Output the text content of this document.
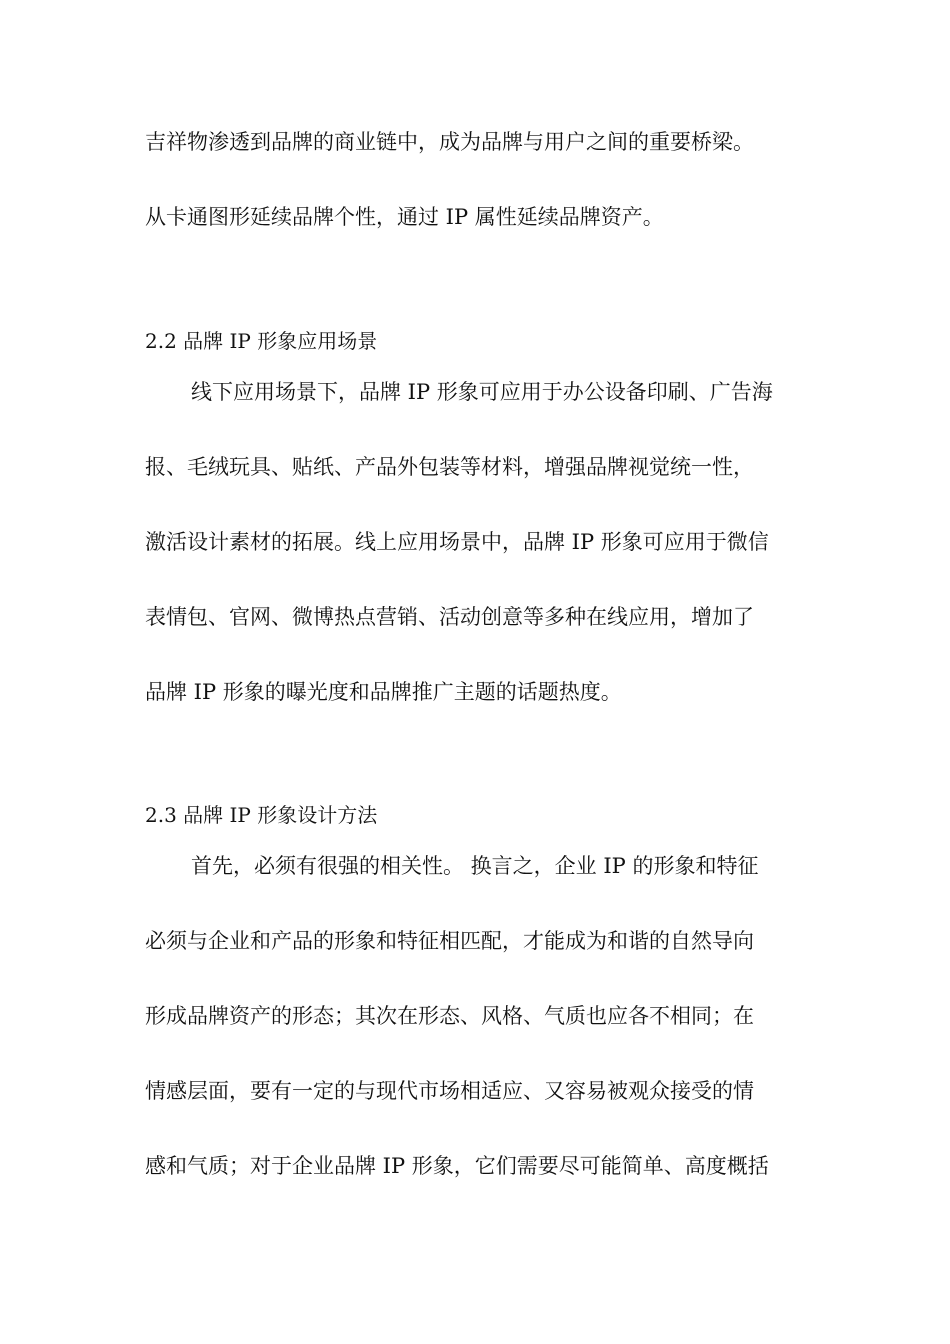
吉祥物渗透到品牌的商业链中，成为品牌与用户之间的重要桥梁。
从卡通图形延续品牌个性，通过 IP 属性延续品牌资产。
2.2 品牌 IP 形象应用场景
线下应用场景下，品牌 IP 形象可应用于办公设备印刷、广告海
报、毛绒玩具、贴纸、产品外包装等材料，增强品牌视觉统一性，
激活设计素材的拓展。线上应用场景中，品牌 IP 形象可应用于微信
表情包、官网、微博热点营销、活动创意等多种在线应用，增加了
品牌 IP 形象的曝光度和品牌推广主题的话题热度。
2.3 品牌 IP 形象设计方法
首先，必须有很强的相关性。 换言之，企业 IP 的形象和特征
必须与企业和产品的形象和特征相匹配，才能成为和谐的自然导向
形成品牌资产的形态；其次在形态、风格、气质也应各不相同；在
情感层面，要有一定的与现代市场相适应、又容易被观众接受的情
感和气质；对于企业品牌 IP 形象，它们需要尽可能简单、高度概括
